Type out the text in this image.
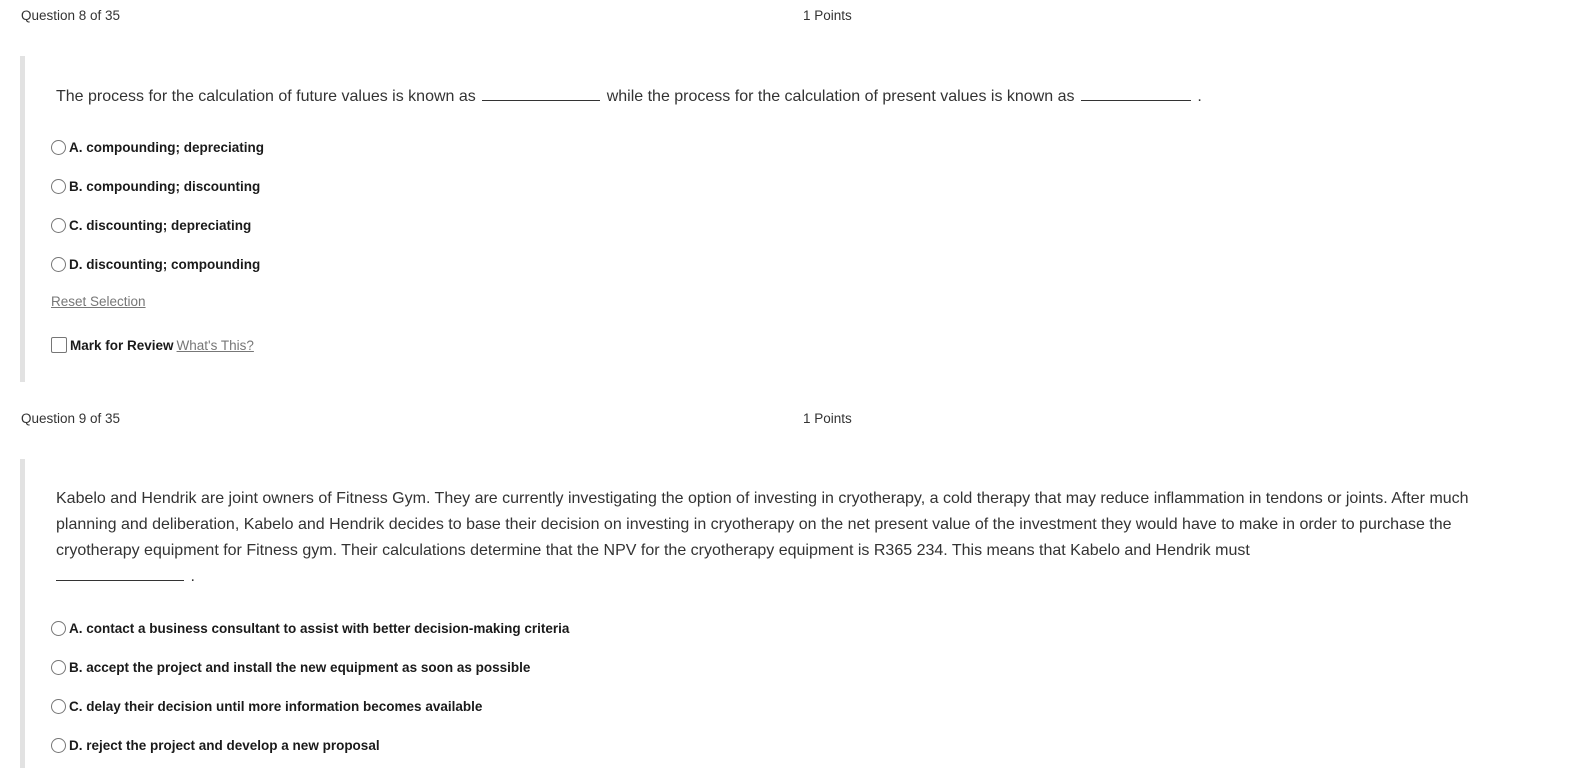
Question 8 of 35	1 Points
The process for the calculation of future values is known as	while the process for the calculation of present values is known as	.
A. compounding; depreciating
B. compounding; discounting
C. discounting; depreciating
D. discounting; compounding
Reset Selection
Mark for Review What's This?
Question 9 of 35	1 Points
Kabelo and Hendrik are joint owners of Fitness Gym. They are currently investigating the option of investing in cryotherapy, a cold therapy that may reduce inflammation in tendons or joints. After much planning and deliberation, Kabelo and Hendrik decides to base their decision on investing in cryotherapy on the net present value of the investment they would have to make in order to purchase the cryotherapy equipment for Fitness gym. Their calculations determine that the NPV for the cryotherapy equipment is R365 234. This means that Kabelo and Hendrik must
.
A. contact a business consultant to assist with better decision-making criteria
B. accept the project and install the new equipment as soon as possible
C. delay their decision until more information becomes available
D. reject the project and develop a new proposal
